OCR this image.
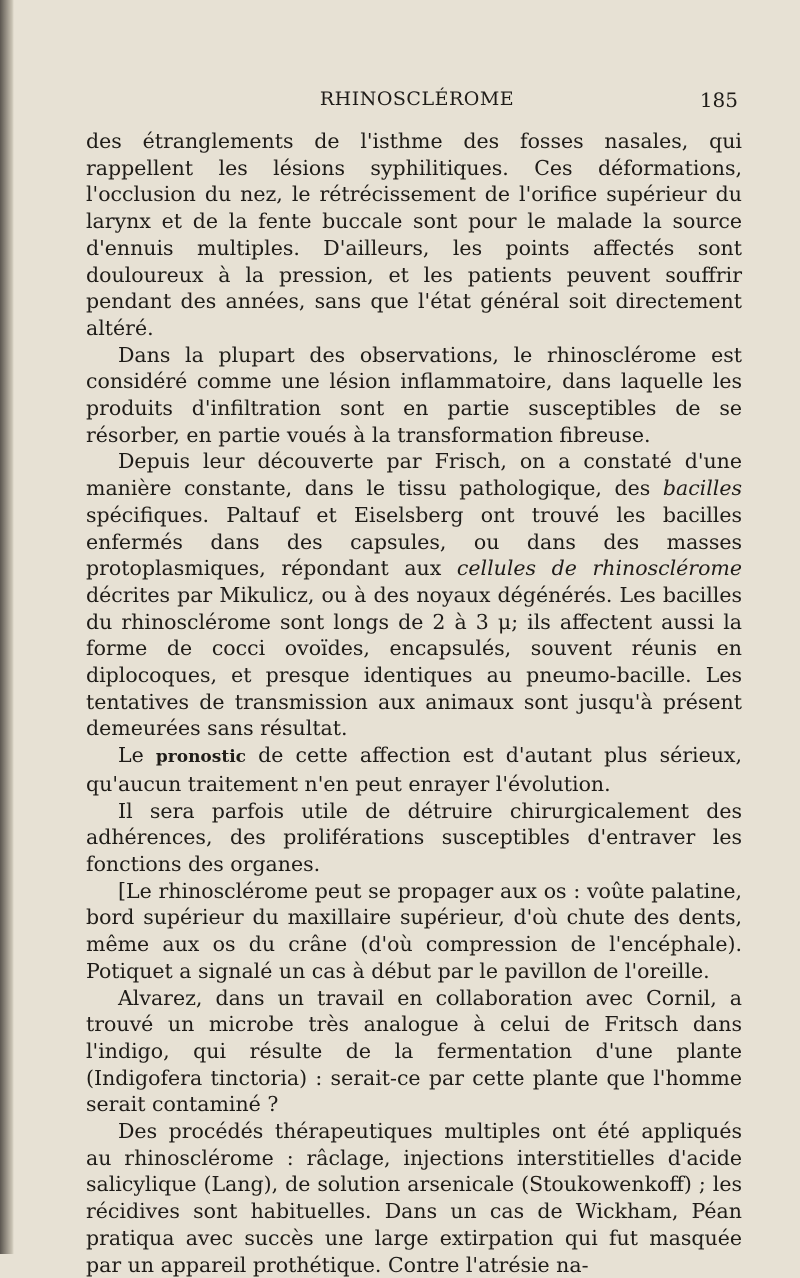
RHINOSCLÉROME	185

des étranglements de l'isthme des fosses nasales, qui rappellent les lésions syphilitiques. Ces déformations, l'occlusion du nez, le rétrécissement de l'orifice supérieur du larynx et de la fente buccale sont pour le malade la source d'ennuis multiples. D'ailleurs, les points affectés sont douloureux à la pression, et les patients peuvent souffrir pendant des années, sans que l'état général soit directement altéré.

Dans la plupart des observations, le rhinosclérome est considéré comme une lésion inflammatoire, dans laquelle les produits d'infiltration sont en partie susceptibles de se résorber, en partie voués à la transformation fibreuse.

Depuis leur découverte par Frisch, on a constaté d'une manière constante, dans le tissu pathologique, des bacilles spécifiques. Paltauf et Eiselsberg ont trouvé les bacilles enfermés dans des capsules, ou dans des masses protoplasmiques, répondant aux cellules de rhinosclérome décrites par Mikulicz, ou à des noyaux dégénérés. Les bacilles du rhinosclérome sont longs de 2 à 3 μ; ils affectent aussi la forme de cocci ovoïdes, encapsulés, souvent réunis en diplocoques, et presque identiques au pneumo-bacille. Les tentatives de transmission aux animaux sont jusqu'à présent demeurées sans résultat.

Le pronostic de cette affection est d'autant plus sérieux, qu'aucun traitement n'en peut enrayer l'évolution.

Il sera parfois utile de détruire chirurgicalement des adhérences, des proliférations susceptibles d'entraver les fonctions des organes.

[Le rhinosclérome peut se propager aux os : voûte palatine, bord supérieur du maxillaire supérieur, d'où chute des dents, même aux os du crâne (d'où compression de l'encéphale). Potiquet a signalé un cas à début par le pavillon de l'oreille.

Alvarez, dans un travail en collaboration avec Cornil, a trouvé un microbe très analogue à celui de Fritsch dans l'indigo, qui résulte de la fermentation d'une plante (Indigofera tinctoria) : serait-ce par cette plante que l'homme serait contaminé ?

Des procédés thérapeutiques multiples ont été appliqués au rhinosclérome : râclage, injections interstitielles d'acide salicylique (Lang), de solution arsenicale (Stoukowenkoff) ; les récidives sont habituelles. Dans un cas de Wickham, Péan pratiqua avec succès une large extirpation qui fut masquée par un appareil prothétique. Contre l'atrésie na-
